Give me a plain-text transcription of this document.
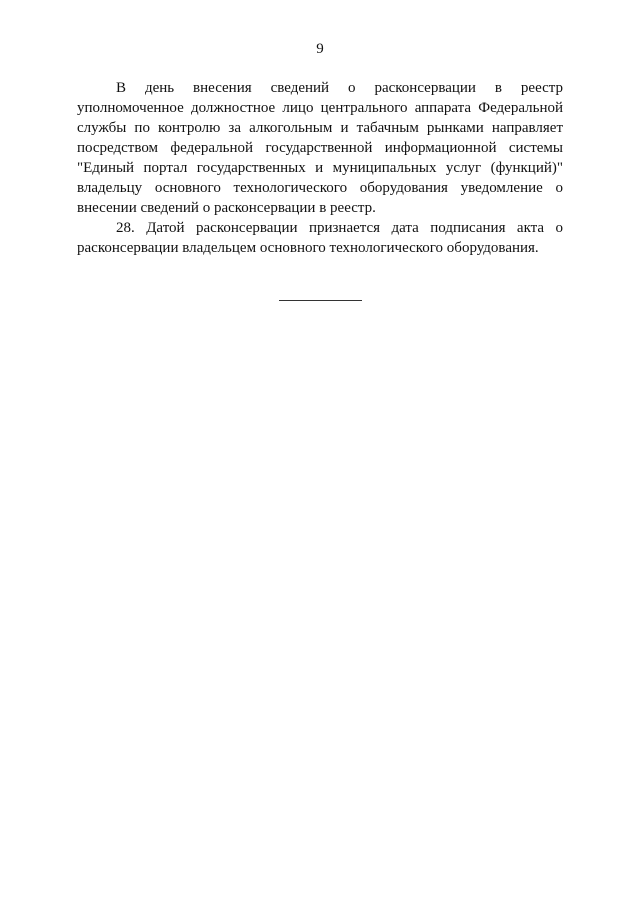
9

В день внесения сведений о расконсервации в реестр уполномоченное должностное лицо центрального аппарата Федеральной службы по контролю за алкогольным и табачным рынками направляет посредством федеральной государственной информационной системы "Единый портал государственных и муниципальных услуг (функций)" владельцу основного технологического оборудования уведомление о внесении сведений о расконсервации в реестр.

28. Датой расконсервации признается дата подписания акта о расконсервации владельцем основного технологического оборудования.
